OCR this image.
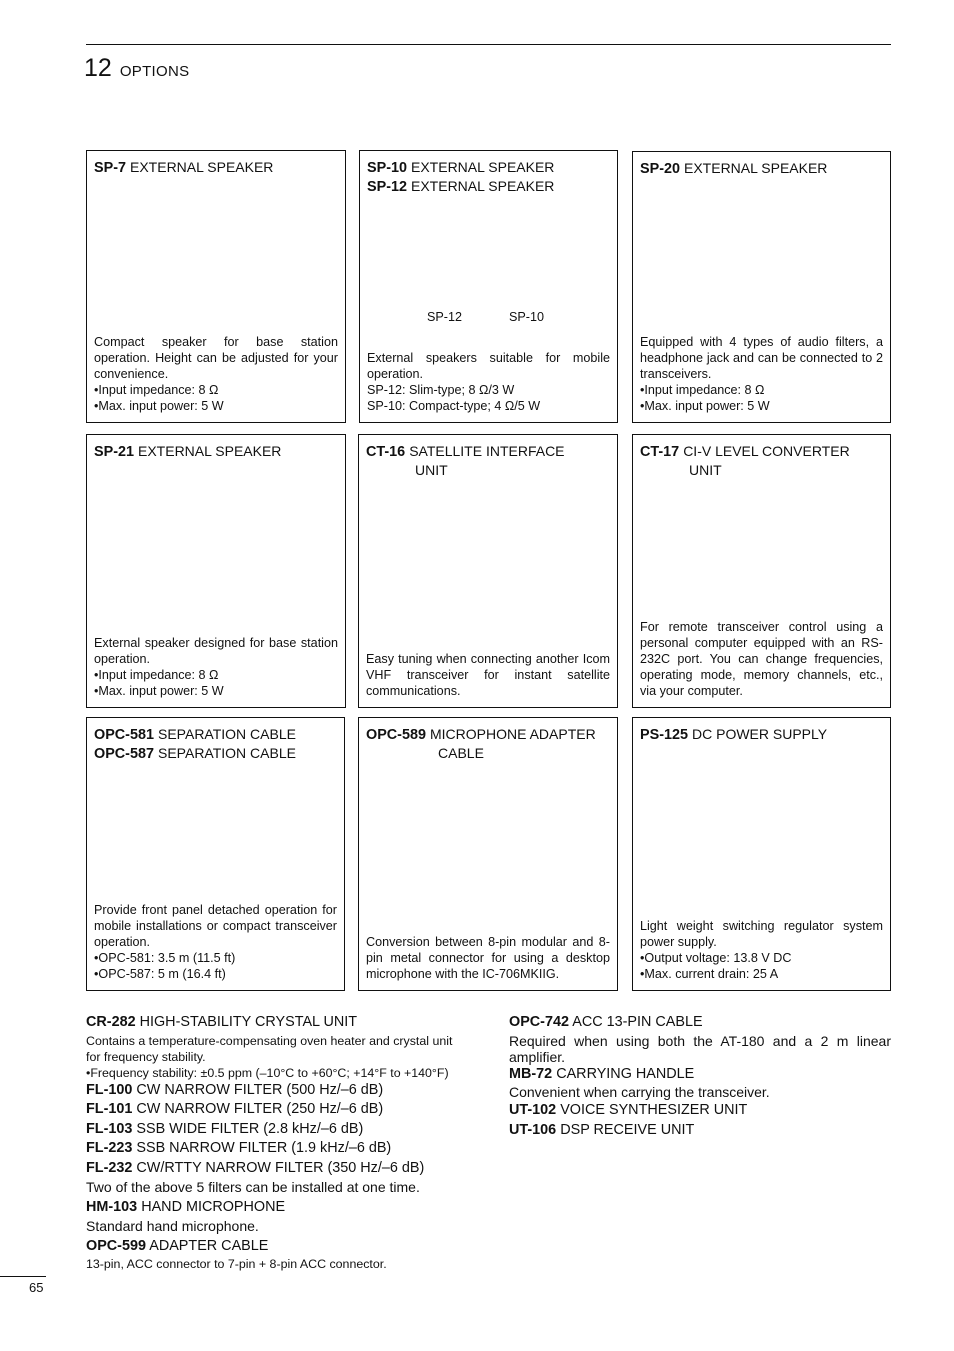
12 OPTIONS
SP-7 EXTERNAL SPEAKER

Compact speaker for base station operation. Height can be adjusted for your convenience.

•Input impedance: 8 Ω
•Max. input power: 5 W
SP-10 EXTERNAL SPEAKER
SP-12 EXTERNAL SPEAKER
SP-12	SP-10

External speakers suitable for mobile operation.

SP-12: Slim-type; 8 Ω/3 W
SP-10: Compact-type; 4 Ω/5 W
SP-20 EXTERNAL SPEAKER

Equipped with 4 types of audio filters, a headphone jack and can be connected to 2 transceivers.

•Input impedance: 8 Ω
•Max. input power: 5 W
SP-21 EXTERNAL SPEAKER

External speaker designed for base station operation.

•Input impedance: 8 Ω
•Max. input power: 5 W
CT-16 SATELLITE INTERFACE
UNIT

Easy tuning when connecting another Icom VHF transceiver for instant satellite communications.

CT-17 CI-V LEVEL CONVERTER
UNIT

For remote transceiver control using a personal computer equipped with an RS-232C port. You can change frequencies, operating mode, memory channels, etc., via your computer.

OPC-581 SEPARATION CABLE
OPC-587 SEPARATION CABLE

Provide front panel detached operation for mobile installations or compact transceiver operation.

•OPC-581: 3.5 m (11.5 ft)
•OPC-587: 5 m (16.4 ft)
OPC-589 MICROPHONE ADAPTER
CABLE

Conversion between 8-pin modular and 8-pin metal connector for using a desktop microphone with the IC-706MKIIG.

PS-125 DC POWER SUPPLY

Light weight switching regulator system power supply.

•Output voltage: 13.8 V DC
•Max. current drain: 25 A
CR-282 HIGH-STABILITY CRYSTAL UNIT
Contains a temperature-compensating oven heater and crystal unit for frequency stability.
•Frequency stability: ±0.5 ppm (–10°C to +60°C; +14°F to +140°F)
FL-100 CW NARROW FILTER (500 Hz/–6 dB)
FL-101 CW NARROW FILTER (250 Hz/–6 dB)
FL-103 SSB WIDE FILTER (2.8 kHz/–6 dB)
FL-223 SSB NARROW FILTER (1.9 kHz/–6 dB)
FL-232 CW/RTTY NARROW FILTER (350 Hz/–6 dB)
Two of the above 5 filters can be installed at one time.
HM-103 HAND MICROPHONE
Standard hand microphone.
OPC-599 ADAPTER CABLE
13-pin, ACC connector to 7-pin + 8-pin ACC connector.
OPC-742 ACC 13-PIN CABLE
Required when using both the AT-180 and a 2 m linear amplifier.
MB-72 CARRYING HANDLE
Convenient when carrying the transceiver.
UT-102 VOICE SYNTHESIZER UNIT
UT-106 DSP RECEIVE UNIT
65
